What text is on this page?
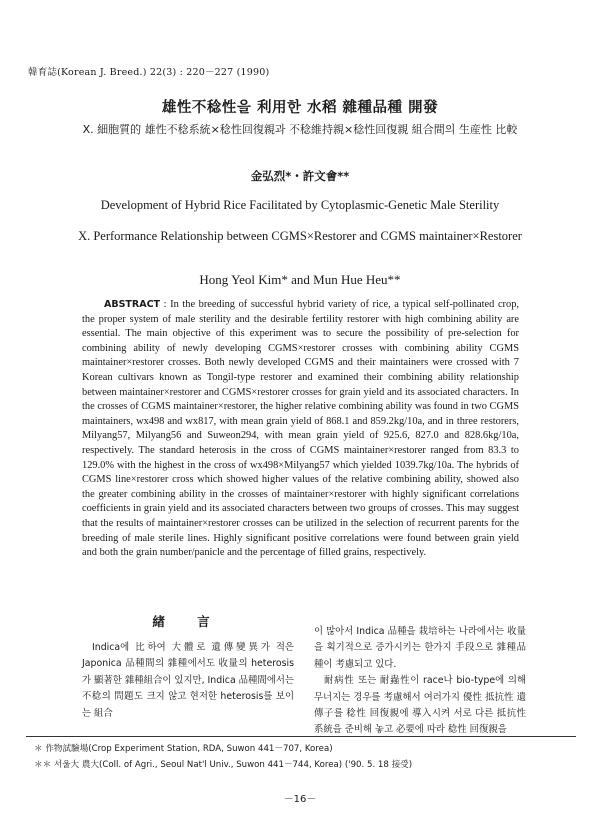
韓育誌(Korean J. Breed.) 22(3) : 220－227 (1990)
雄性不稔性을 利用한 水稻 雜種品種 開發
X. 細胞質的 雄性不稔系統×稔性回復親과 不稔維持親×稔性回復親 組合間의 生産性 比較
金弘烈*・許文會**
Development of Hybrid Rice Facilitated by Cytoplasmic-Genetic Male Sterility
X. Performance Relationship between CGMS×Restorer and CGMS maintainer×Restorer
Hong Yeol Kim* and Mun Hue Heu**

ABSTRACT : In the breeding of successful hybrid variety of rice, a typical self-pollinated crop, the proper system of male sterility and the desirable fertility restorer with high combining ability are essential. The main objective of this experiment was to secure the possibility of pre-selection for combining ability of newly developing CGMS×restorer crosses with combining ability CGMS maintainer×restorer crosses. Both newly developed CGMS and their maintainers were crossed with 7 Korean cultivars known as Tongil-type restorer and examined their combining ability relationship between maintainer×restorer and CGMS×restorer crosses for grain yield and its associated characters. In the crosses of CGMS maintainer×restorer, the higher relative combining ability was found in two CGMS maintainers, wx498 and wx817, with mean grain yield of 868.1 and 859.2kg/10a, and in three restorers, Milyang57, Milyang56 and Suweon294, with mean grain yield of 925.6, 827.0 and 828.6kg/10a, respectively. The standard heterosis in the cross of CGMS maintainer×restorer ranged from 83.3 to 129.0% with the highest in the cross of wx498×Milyang57 which yielded 1039.7kg/10a. The hybrids of CGMS line×restorer cross which showed higher values of the relative combining ability, showed also the greater combining ability in the crosses of maintainer×restorer with highly significant correlations coefficients in grain yield and its associated characters between two groups of crosses. This may suggest that the results of maintainer×restorer crosses can be utilized in the selection of recurrent parents for the breeding of male sterile lines. Highly significant positive correlations were found between grain yield and both the grain number/panicle and the percentage of filled grains, respectively.

緖 言

Indica에 比하여 大體로 遺傳變異가 적은 Japonica 品種間의 雜種에서도 收量의 heterosis가 顯著한 雜種組合이 있지만, Indica 品種間에서는 不稔의 問題도 크지 않고 현저한 heterosis를 보이는 組合

이 많아서 Indica 品種을 栽培하는 나라에서는 收量을 획기적으로 증가시키는 한가지 手段으로 雜種品種이 考慮되고 있다.

耐病性 또는 耐蟲性이 race나 bio-type에 의해 무너지는 경우를 考慮해서 여러가지 優性 抵抗性 遺傳子를 稔性 回復親에 導入시켜 서로 다른 抵抗性系統을 준비해 놓고 必要에 따라 稔性 回復親을

＊ 作物試驗場(Crop Experiment Station, RDA, Suwon 441－707, Korea)
＊＊ 서울大 農大(Coll. of Agri., Seoul Nat'l Univ., Suwon 441－744, Korea) ('90. 5. 18 接受)
－16－
